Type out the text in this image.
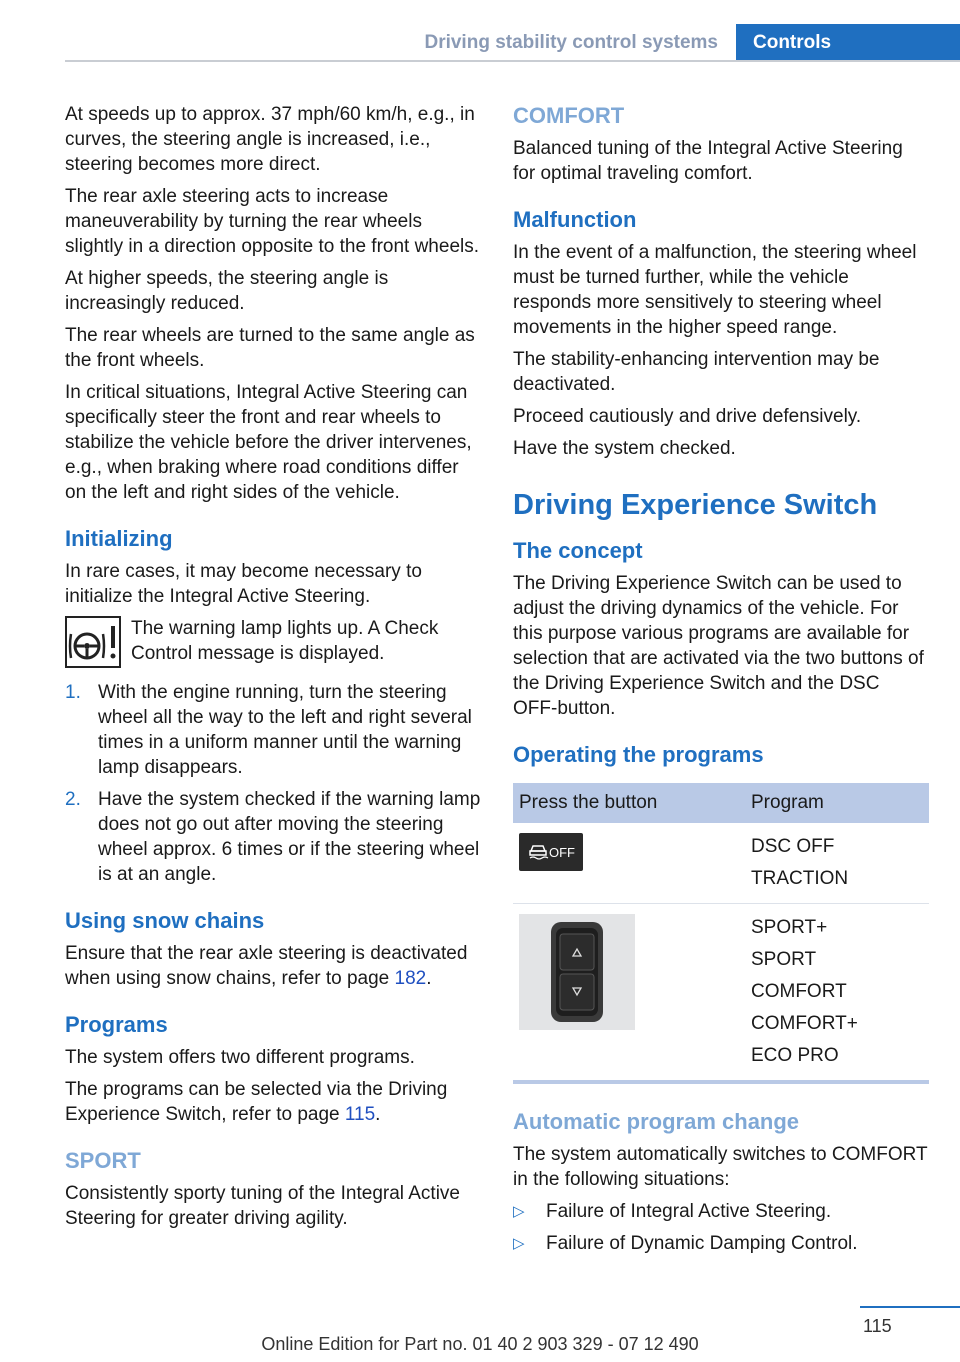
Driving stability control systems	Controls

At speeds up to approx. 37 mph/60 km/h, e.g., in curves, the steering angle is increased, i.e., steering becomes more direct.

The rear axle steering acts to increase maneuverability by turning the rear wheels slightly in a direction opposite to the front wheels.

At higher speeds, the steering angle is increasingly reduced.

The rear wheels are turned to the same angle as the front wheels.

In critical situations, Integral Active Steering can specifically steer the front and rear wheels to stabilize the vehicle before the driver intervenes, e.g., when braking where road conditions differ on the left and right sides of the vehicle.

Initializing

In rare cases, it may become necessary to initialize the Integral Active Steering.

The warning lamp lights up. A Check Control message is displayed.

1. With the engine running, turn the steering wheel all the way to the left and right several times in a uniform manner until the warning lamp disappears.
2. Have the system checked if the warning lamp does not go out after moving the steering wheel approx. 6 times or if the steering wheel is at an angle.
Using snow chains

Ensure that the rear axle steering is deactivated when using snow chains, refer to page 182.

Programs

The system offers two different programs.

The programs can be selected via the Driving Experience Switch, refer to page 115.

SPORT

Consistently sporty tuning of the Integral Active Steering for greater driving agility.

COMFORT

Balanced tuning of the Integral Active Steering for optimal traveling comfort.

Malfunction

In the event of a malfunction, the steering wheel must be turned further, while the vehicle responds more sensitively to steering wheel movements in the higher speed range.

The stability-enhancing intervention may be deactivated.

Proceed cautiously and drive defensively.

Have the system checked.

Driving Experience Switch
The concept

The Driving Experience Switch can be used to adjust the driving dynamics of the vehicle. For this purpose various programs are available for selection that are activated via the two buttons of the Driving Experience Switch and the DSC OFF-button.

Operating the programs
Press the button	Program

OFF	DSC OFF
TRACTION

SPORT+
SPORT
COMFORT
COMFORT+
ECO PRO
Automatic program change

The system automatically switches to COMFORT in the following situations:

▷	Failure of Integral Active Steering.
▷	Failure of Dynamic Damping Control.
115
Online Edition for Part no. 01 40 2 903 329 - 07 12 490
